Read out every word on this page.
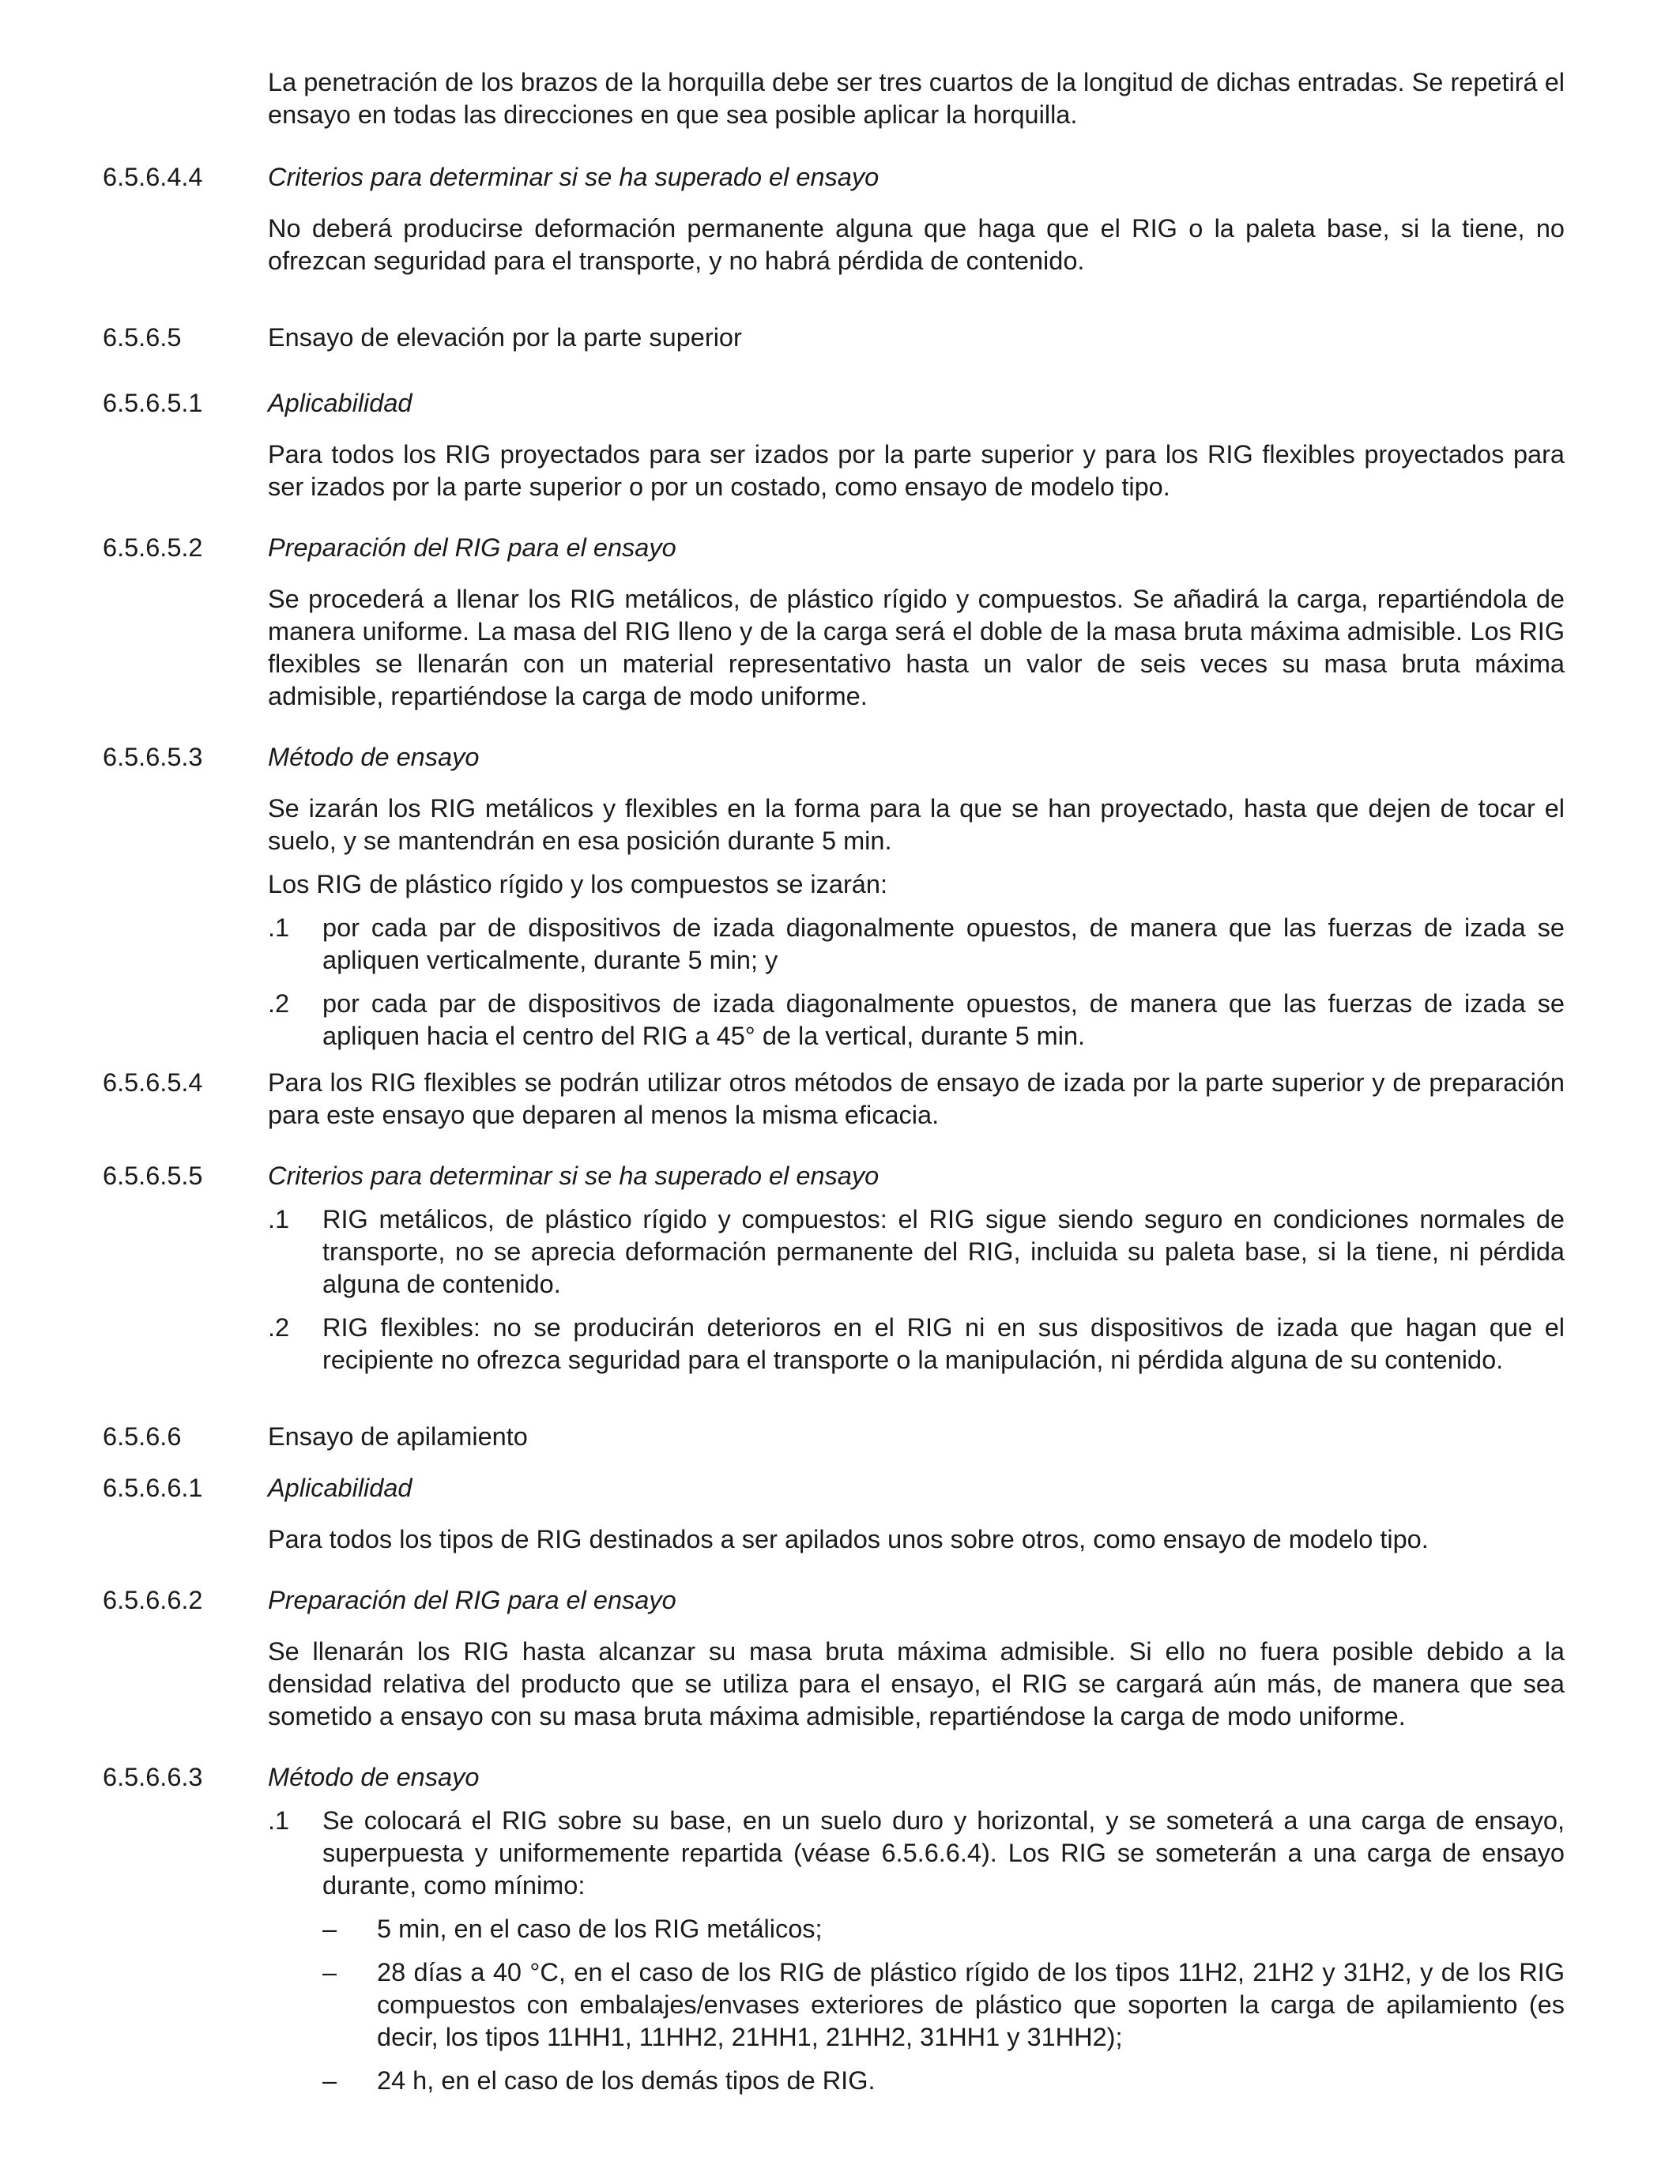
La penetración de los brazos de la horquilla debe ser tres cuartos de la longitud de dichas entradas. Se repetirá el ensayo en todas las direcciones en que sea posible aplicar la horquilla.
6.5.6.4.4	Criterios para determinar si se ha superado el ensayo
No deberá producirse deformación permanente alguna que haga que el RIG o la paleta base, si la tiene, no ofrezcan seguridad para el transporte, y no habrá pérdida de contenido.
6.5.6.5	Ensayo de elevación por la parte superior
6.5.6.5.1	Aplicabilidad
Para todos los RIG proyectados para ser izados por la parte superior y para los RIG flexibles proyectados para ser izados por la parte superior o por un costado, como ensayo de modelo tipo.
6.5.6.5.2	Preparación del RIG para el ensayo
Se procederá a llenar los RIG metálicos, de plástico rígido y compuestos. Se añadirá la carga, repartiéndola de manera uniforme. La masa del RIG lleno y de la carga será el doble de la masa bruta máxima admisible. Los RIG flexibles se llenarán con un material representativo hasta un valor de seis veces su masa bruta máxima admisible, repartiéndose la carga de modo uniforme.
6.5.6.5.3	Método de ensayo
Se izarán los RIG metálicos y flexibles en la forma para la que se han proyectado, hasta que dejen de tocar el suelo, y se mantendrán en esa posición durante 5 min.
Los RIG de plástico rígido y los compuestos se izarán:
.1 por cada par de dispositivos de izada diagonalmente opuestos, de manera que las fuerzas de izada se apliquen verticalmente, durante 5 min; y
.2 por cada par de dispositivos de izada diagonalmente opuestos, de manera que las fuerzas de izada se apliquen hacia el centro del RIG a 45° de la vertical, durante 5 min.
6.5.6.5.4	Para los RIG flexibles se podrán utilizar otros métodos de ensayo de izada por la parte superior y de preparación para este ensayo que deparen al menos la misma eficacia.
6.5.6.5.5	Criterios para determinar si se ha superado el ensayo
.1 RIG metálicos, de plástico rígido y compuestos: el RIG sigue siendo seguro en condiciones normales de transporte, no se aprecia deformación permanente del RIG, incluida su paleta base, si la tiene, ni pérdida alguna de contenido.
.2 RIG flexibles: no se producirán deterioros en el RIG ni en sus dispositivos de izada que hagan que el recipiente no ofrezca seguridad para el transporte o la manipulación, ni pérdida alguna de su contenido.
6.5.6.6	Ensayo de apilamiento
6.5.6.6.1	Aplicabilidad
Para todos los tipos de RIG destinados a ser apilados unos sobre otros, como ensayo de modelo tipo.
6.5.6.6.2	Preparación del RIG para el ensayo
Se llenarán los RIG hasta alcanzar su masa bruta máxima admisible. Si ello no fuera posible debido a la densidad relativa del producto que se utiliza para el ensayo, el RIG se cargará aún más, de manera que sea sometido a ensayo con su masa bruta máxima admisible, repartiéndose la carga de modo uniforme.
6.5.6.6.3	Método de ensayo
.1 Se colocará el RIG sobre su base, en un suelo duro y horizontal, y se someterá a una carga de ensayo, superpuesta y uniformemente repartida (véase 6.5.6.6.4). Los RIG se someterán a una carga de ensayo durante, como mínimo:
– 5 min, en el caso de los RIG metálicos;
– 28 días a 40 °C, en el caso de los RIG de plástico rígido de los tipos 11H2, 21H2 y 31H2, y de los RIG compuestos con embalajes/envases exteriores de plástico que soporten la carga de apilamiento (es decir, los tipos 11HH1, 11HH2, 21HH1, 21HH2, 31HH1 y 31HH2);
– 24 h, en el caso de los demás tipos de RIG.
